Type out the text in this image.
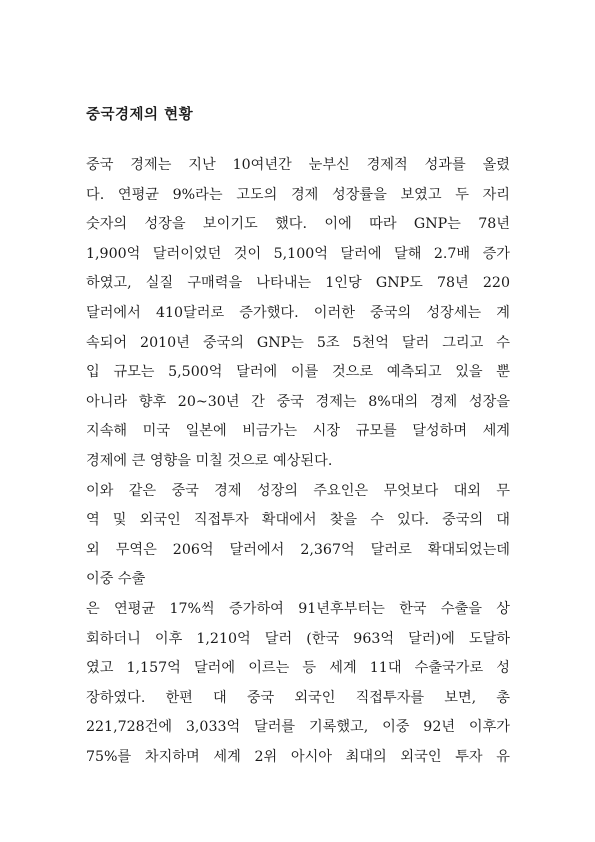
중국경제의 현황
중국 경제는 지난 10여년간 눈부신 경제적 성과를 올렸
다. 연평균 9%라는 고도의 경제 성장률을 보였고 두 자리
숫자의 성장을 보이기도 했다. 이에 따라 GNP는 78년
1,900억 달러이었던 것이 5,100억 달러에 달해 2.7배 증가
하였고, 실질 구매력을 나타내는 1인당 GNP도 78년 220
달러에서 410달러로 증가했다. 이러한 중국의 성장세는 계
속되어 2010년 중국의 GNP는 5조 5천억 달러 그리고 수
입 규모는 5,500억 달러에 이를 것으로 예측되고 있을 뿐
아니라 향후 20~30년 간 중국 경제는 8%대의 경제 성장을
지속해 미국 일본에 비금가는 시장 규모를 달성하며 세계
경제에 큰 영향을 미칠 것으로 예상된다.
이와 같은 중국 경제 성장의 주요인은 무엇보다 대외 무
역 및 외국인 직접투자 확대에서 찾을 수 있다. 중국의 대
외 무역은 206억 달러에서 2,367억 달러로 확대되었는데
이중 수출
은 연평균 17%씩 증가하여 91년후부터는 한국 수출을 상
회하더니 이후 1,210억 달러 (한국 963억 달러)에 도달하
였고 1,157억 달러에 이르는 등 세계 11대 수출국가로 성
장하였다. 한편 대 중국 외국인 직접투자를 보면, 총
221,728건에 3,033억 달러를 기록했고, 이중 92년 이후가
75%를 차지하며 세계 2위 아시아 최대의 외국인 투자 유
